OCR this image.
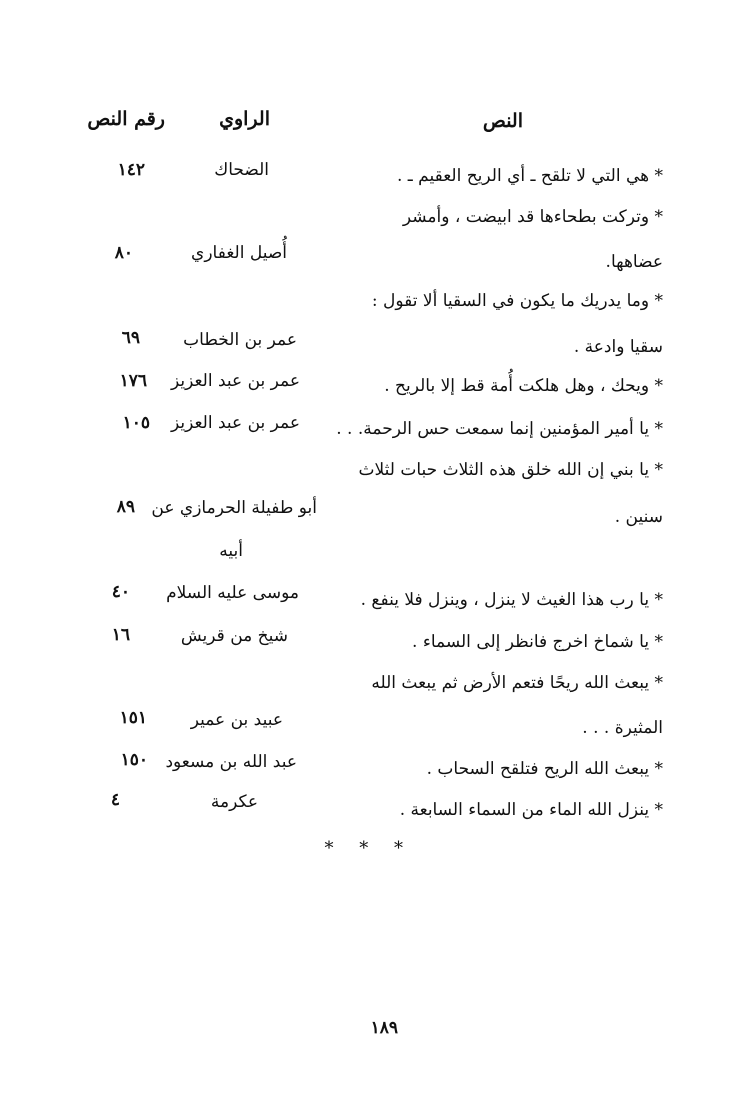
النص
الراوي
رقم النص
* هي التي لا تلقح ـ أي الريح العقيم ـ .
الضحاك
١٤٢
* وتركت بطحاءها قد ابيضت ، وأمشر
عضاهها.
أُصيل الغفاري
٨٠
* وما يدريك ما يكون في السقيا ألا تقول :
سقيا وادعة .
عمر بن الخطاب
٦٩
* ويحك ، وهل هلكت أُمة قط إلا بالريح .
عمر بن عبد العزيز
١٧٦
* يا أمير المؤمنين إنما سمعت حس الرحمة. . .
عمر بن عبد العزيز
١٠٥
* يا بني إن الله خلق هذه الثلاث حبات لثلاث
سنين .
أبو طفيلة الحرمازي عن
أبيه
٨٩
* يا رب هذا الغيث لا ينزل ، وينزل فلا ينفع .
موسى عليه السلام
٤٠
* يا شماخ اخرج فانظر إلى السماء .
شيخ من قريش
١٦
* يبعث الله ريحًا فتعم الأرض ثم يبعث الله
المثيرة . . .
عبيد بن عمير
١٥١
* يبعث الله الريح فتلقح السحاب .
عبد الله بن مسعود
١٥٠
* ينزل الله الماء من السماء السابعة .
عكرمة
٤
* * *
١٨٩
